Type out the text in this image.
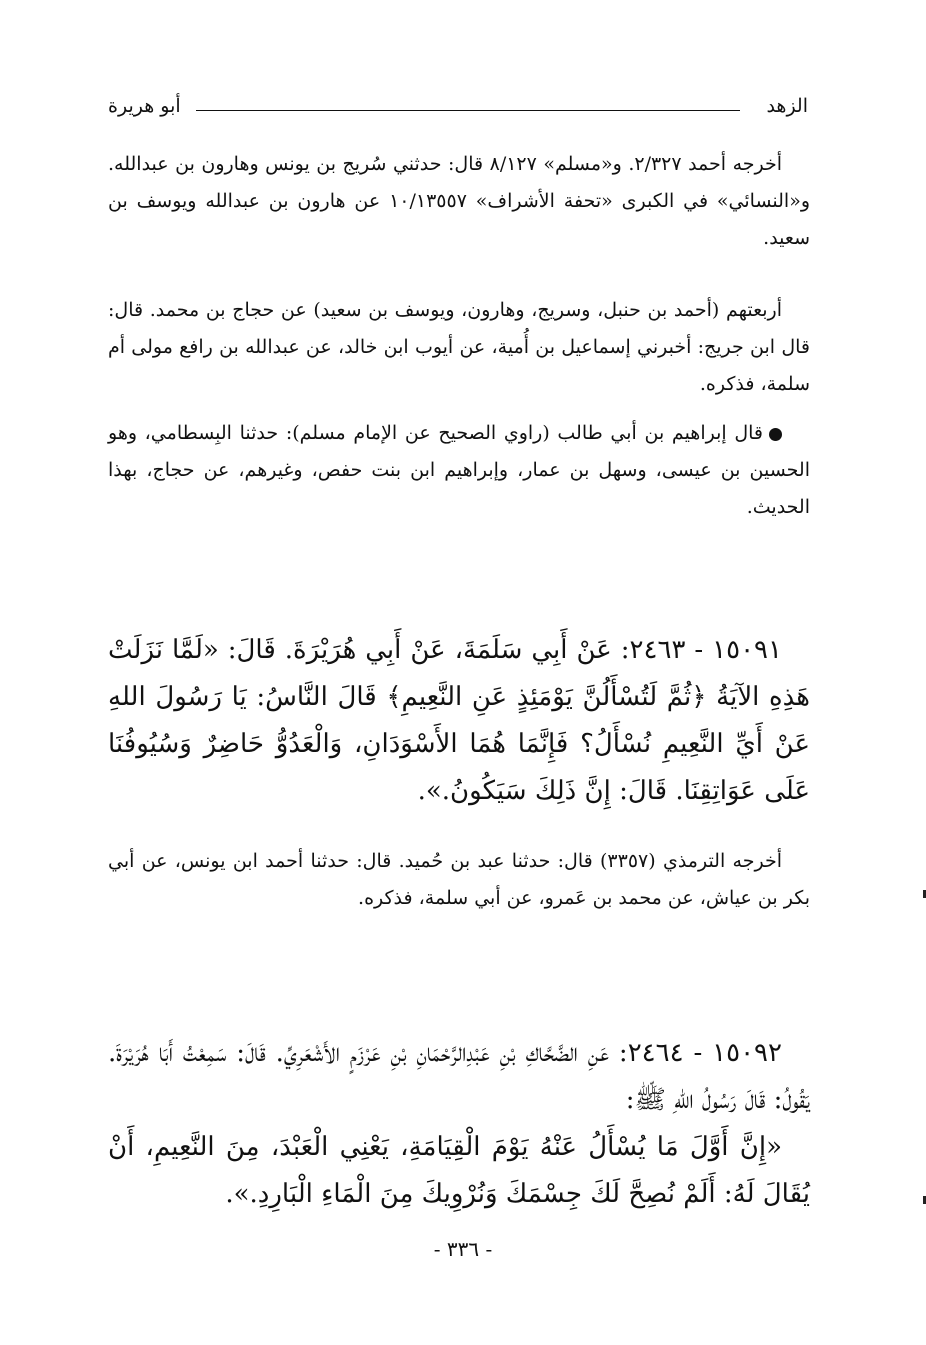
الزهد
أبو هريرة

أخرجه أحمد ٢/٣٢٧. و«مسلم» ٨/١٢٧ قال: حدثني سُريج بن يونس وهارون بن عبدالله. و«النسائي» في الكبرى «تحفة الأشراف» ١٠/١٣٥٥٧ عن هارون بن عبدالله ويوسف بن سعيد.

أربعتهم (أحمد بن حنبل، وسريج، وهارون، ويوسف بن سعيد) عن حجاج بن محمد. قال: قال ابن جريج: أخبرني إسماعيل بن أُمية، عن أيوب ابن خالد، عن عبدالله بن رافع مولى أم سلمة، فذكره.

قال إبراهيم بن أبي طالب (راوي الصحيح عن الإمام مسلم): حدثنا البِسطامي، وهو الحسين بن عيسى، وسهل بن عمار، وإبراهيم ابن بنت حفص، وغيرهم، عن حجاج، بهذا الحديث.

١٥٠٩١ - ٢٤٦٣: عَنْ أَبِي سَلَمَةَ، عَنْ أَبِي هُرَيْرَةَ. قَالَ: «لَمَّا نَزَلَتْ هَذِهِ الآيَةُ ﴿ثُمَّ لَتُسْأَلُنَّ يَوْمَئِذٍ عَنِ النَّعِيمِ﴾ قَالَ النَّاسُ: يَا رَسُولَ اللهِ عَنْ أَيِّ النَّعِيمِ نُسْأَلُ؟ فَإِنَّمَا هُمَا الأَسْوَدَانِ، وَالْعَدُوُّ حَاضِرٌ وَسُيُوفُنَا عَلَى عَوَاتِقِنَا. قَالَ: إِنَّ ذَلِكَ سَيَكُونُ.».

أخرجه الترمذي (٣٣٥٧) قال: حدثنا عبد بن حُميد. قال: حدثنا أحمد ابن يونس، عن أبي بكر بن عياش، عن محمد بن عَمرو، عن أبي سلمة، فذكره.

١٥٠٩٢ - ٢٤٦٤: عَنِ الضَّحَّاكِ بْنِ عَبْدِالرَّحْمَانِ بْنِ عَرْزَمٍ الأَشْعَرِيِّ. قَالَ: سَمِعْتُ أَبَا هُرَيْرَةَ. يَقُولُ: قَالَ رَسُولُ اللهِ ﷺ:

«إِنَّ أَوَّلَ مَا يُسْأَلُ عَنْهُ يَوْمَ الْقِيَامَةِ، يَعْنِي الْعَبْدَ، مِنَ النَّعِيمِ، أَنْ يُقَالَ لَهُ: أَلَمْ نُصِحَّ لَكَ جِسْمَكَ وَنُرْوِيكَ مِنَ الْمَاءِ الْبَارِدِ.».

- ٣٣٦ -
